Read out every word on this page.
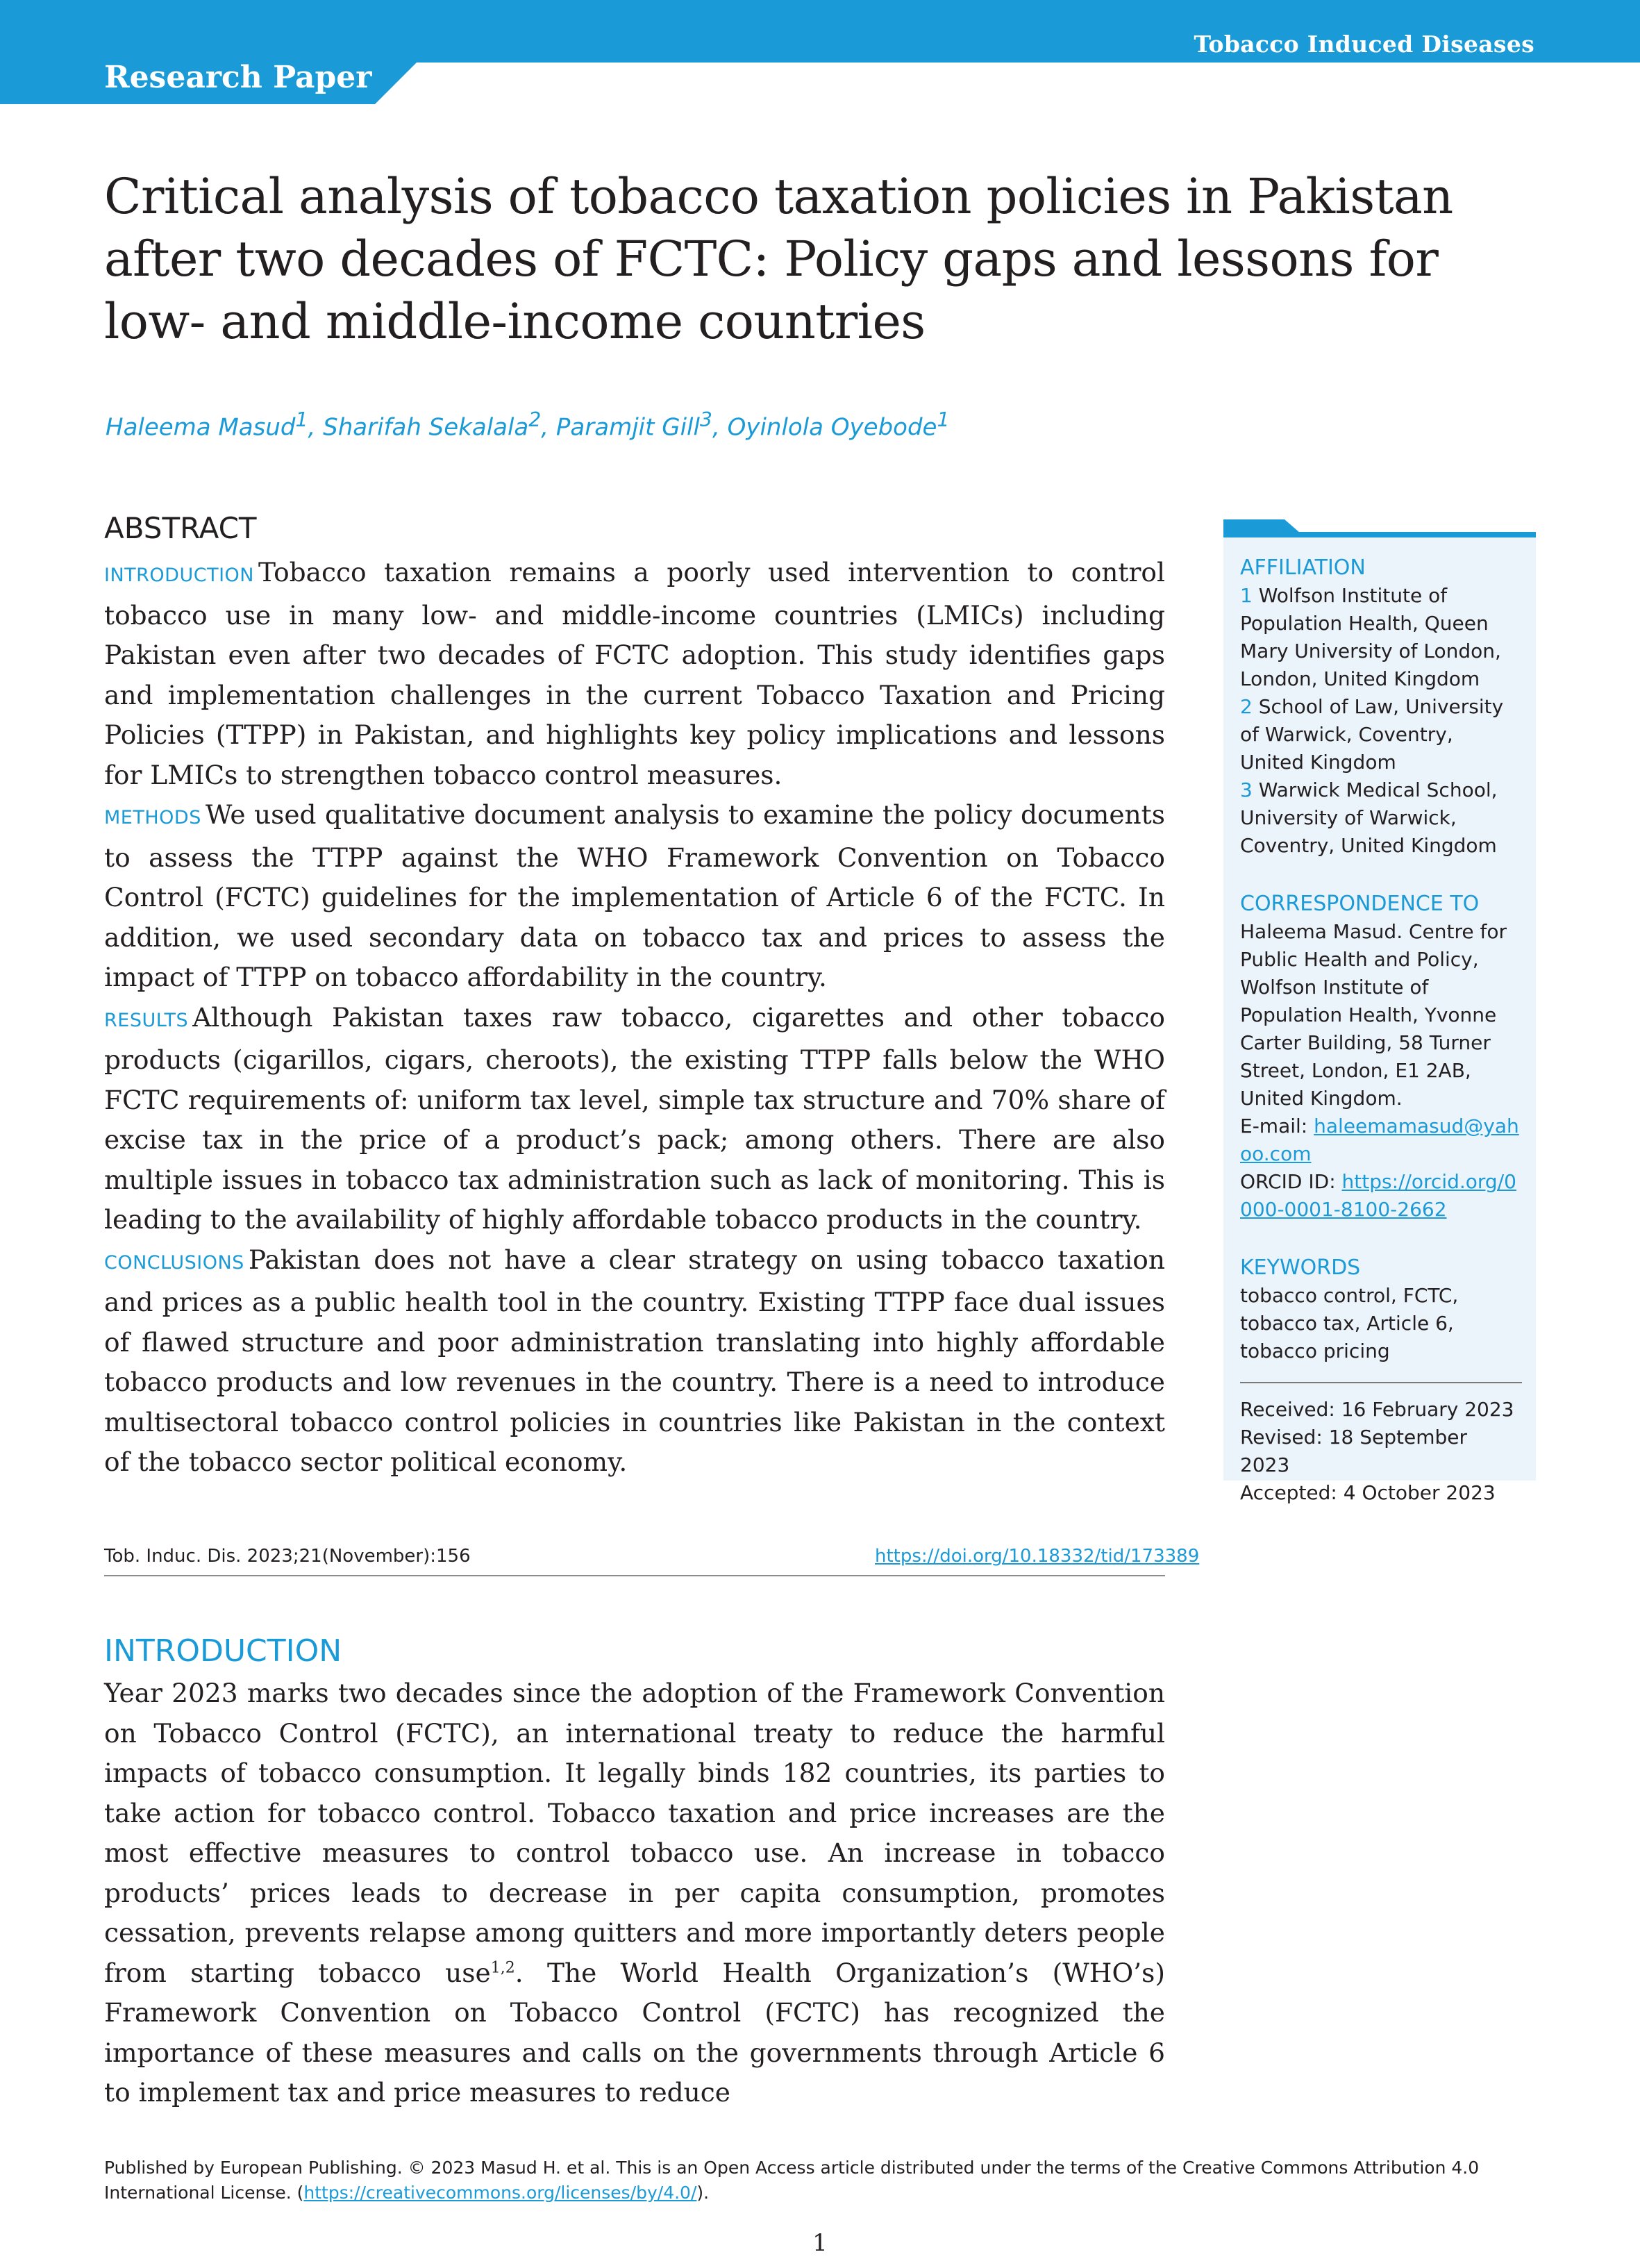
Tobacco Induced Diseases
Research Paper
Critical analysis of tobacco taxation policies in Pakistan after two decades of FCTC: Policy gaps and lessons for low- and middle-income countries
Haleema Masud$^1$, Sharifah Sekalala$^2$, Paramjit Gill$^3$, Oyinlola Oyebode$^1$
ABSTRACT

INTRODUCTION Tobacco taxation remains a poorly used intervention to control tobacco use in many low- and middle-income countries (LMICs) including Pakistan even after two decades of FCTC adoption. This study identifies gaps and implementation challenges in the current Tobacco Taxation and Pricing Policies (TTPP) in Pakistan, and highlights key policy implications and lessons for LMICs to strengthen tobacco control measures.

METHODS We used qualitative document analysis to examine the policy documents to assess the TTPP against the WHO Framework Convention on Tobacco Control (FCTC) guidelines for the implementation of Article 6 of the FCTC. In addition, we used secondary data on tobacco tax and prices to assess the impact of TTPP on tobacco affordability in the country.

RESULTS Although Pakistan taxes raw tobacco, cigarettes and other tobacco products (cigarillos, cigars, cheroots), the existing TTPP falls below the WHO FCTC requirements of: uniform tax level, simple tax structure and 70% share of excise tax in the price of a product’s pack; among others. There are also multiple issues in tobacco tax administration such as lack of monitoring. This is leading to the availability of highly affordable tobacco products in the country.

CONCLUSIONS Pakistan does not have a clear strategy on using tobacco taxation and prices as a public health tool in the country. Existing TTPP face dual issues of flawed structure and poor administration translating into highly affordable tobacco products and low revenues in the country. There is a need to introduce multisectoral tobacco control policies in countries like Pakistan in the context of the tobacco sector political economy.

AFFILIATION
1 Wolfson Institute of Population Health, Queen Mary University of London, London, United Kingdom
2 School of Law, University of Warwick, Coventry, United Kingdom
3 Warwick Medical School, University of Warwick, Coventry, United Kingdom
CORRESPONDENCE TO
Haleema Masud. Centre for Public Health and Policy, Wolfson Institute of Population Health, Yvonne Carter Building, 58 Turner Street, London, E1 2AB, United Kingdom.
E-mail: haleemamasud@yahoo.com
ORCID ID: https://orcid.org/0000-0001-8100-2662
KEYWORDS
tobacco control, FCTC, tobacco tax, Article 6, tobacco pricing
Received: 16 February 2023
Revised: 18 September 2023
Accepted: 4 October 2023
Tob. Induc. Dis. 2023;21(November):156	https://doi.org/10.18332/tid/173389
INTRODUCTION

Year 2023 marks two decades since the adoption of the Framework Convention on Tobacco Control (FCTC), an international treaty to reduce the harmful impacts of tobacco consumption. It legally binds 182 countries, its parties to take action for tobacco control. Tobacco taxation and price increases are the most effective measures to control tobacco use. An increase in tobacco products’ prices leads to decrease in per capita consumption, promotes cessation, prevents relapse among quitters and more importantly deters people from starting tobacco use$^{1,2}$. The World Health Organization’s (WHO’s) Framework Convention on Tobacco Control (FCTC) has recognized the importance of these measures and calls on the governments through Article 6 to implement tax and price measures to reduce

Published by European Publishing. © 2023 Masud H. et al. This is an Open Access article distributed under the terms of the Creative Commons Attribution 4.0 International License. (https://creativecommons.org/licenses/by/4.0/).
1
